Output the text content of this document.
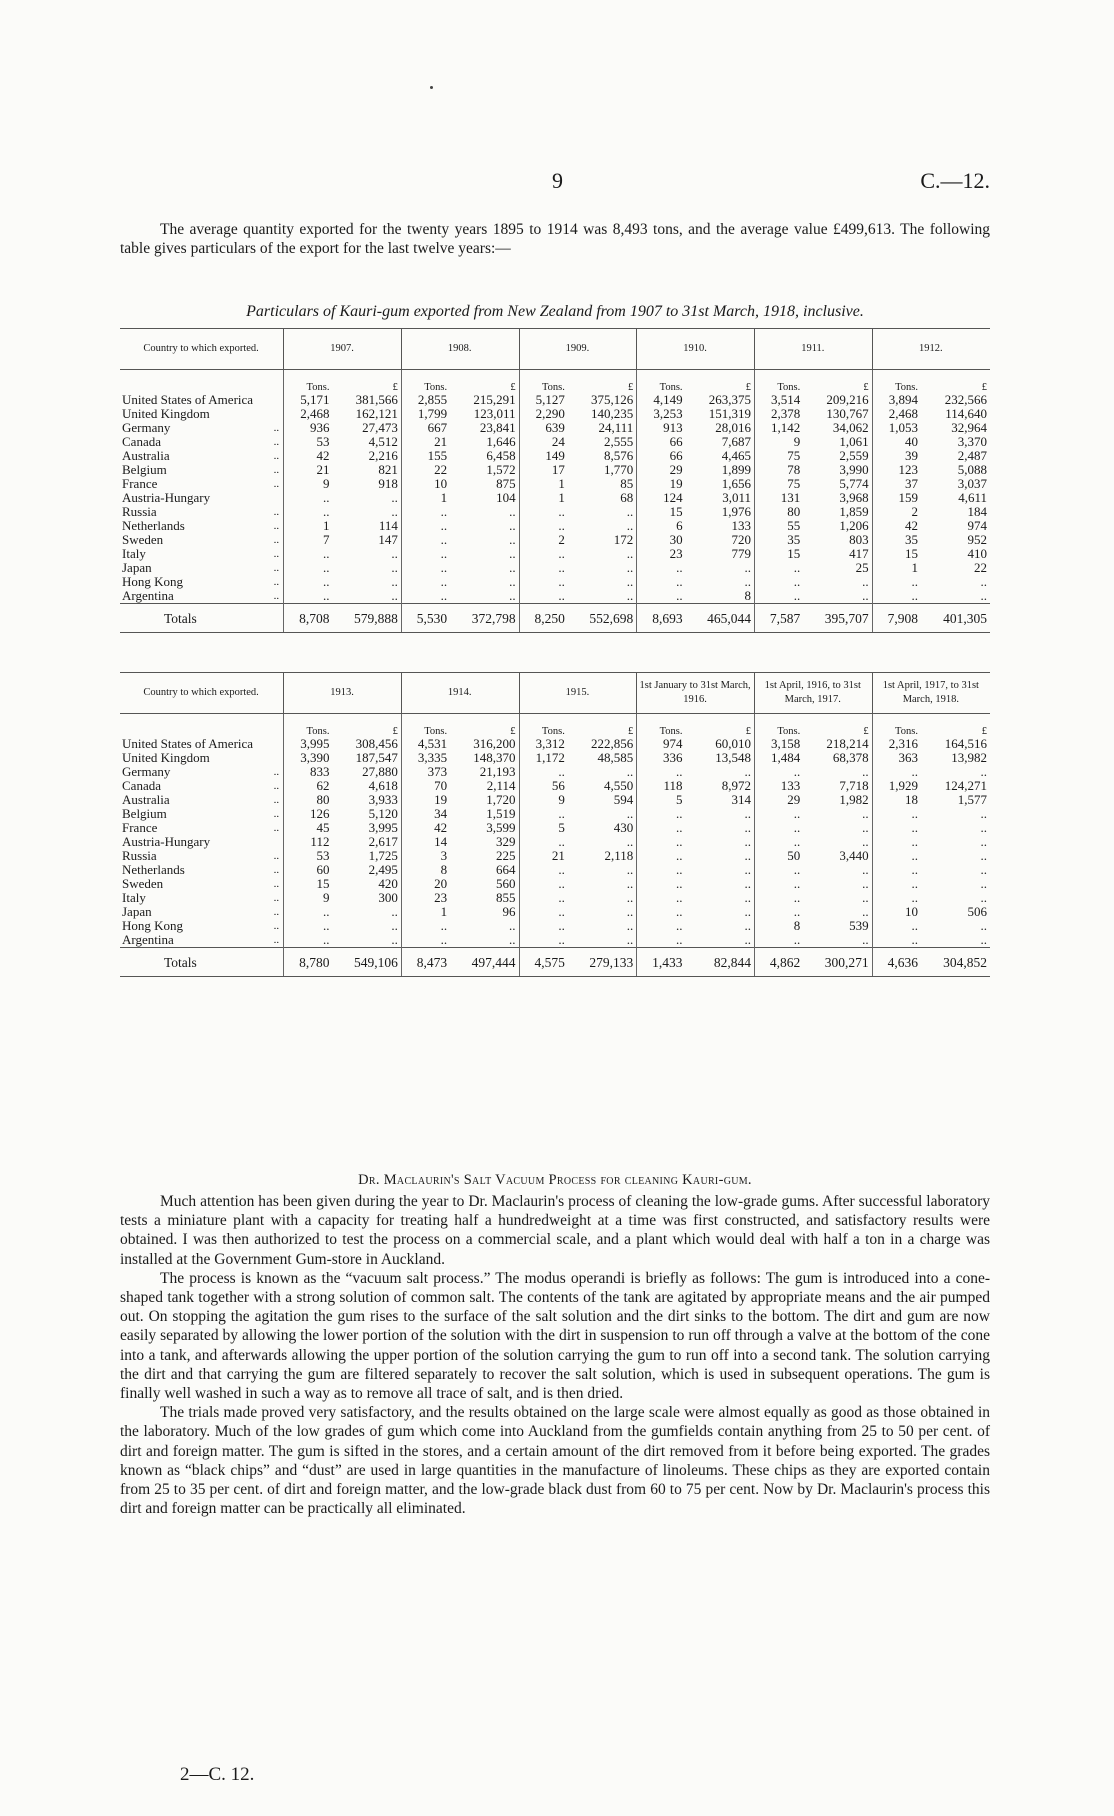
9	C.—12.
The average quantity exported for the twenty years 1895 to 1914 was 8,493 tons, and the average value £499,613. The following table gives particulars of the export for the last twelve years:—
Particulars of Kauri-gum exported from New Zealand from 1907 to 31st March, 1918, inclusive.
Country to which exported.		1907.		1908.		1909.		1910.		1911.		1912.	
		Tons.	£	Tons.	£	Tons.	£	Tons.	£	Tons.	£	Tons.	£
United States of America		5,171	381,566	2,855	215,291	5,127	375,126	4,149	263,375	3,514	209,216	3,894	232,566
United Kingdom		2,468	162,121	1,799	123,011	2,290	140,235	3,253	151,319	2,378	130,767	2,468	114,640
Germany	..	936	27,473	667	23,841	639	24,111	913	28,016	1,142	34,062	1,053	32,964
Canada	..	53	4,512	21	1,646	24	2,555	66	7,687	9	1,061	40	3,370
Australia	..	42	2,216	155	6,458	149	8,576	66	4,465	75	2,559	39	2,487
Belgium	..	21	821	22	1,572	17	1,770	29	1,899	78	3,990	123	5,088
France	..	9	918	10	875	1	85	19	1,656	75	5,774	37	3,037
Austria-Hungary		..	..	1	104	1	68	124	3,011	131	3,968	159	4,611
Russia	..	..	..	..	..	..	..	15	1,976	80	1,859	2	184
Netherlands	..	1	114	..	..	..	..	6	133	55	1,206	42	974
Sweden	..	7	147	..	..	2	172	30	720	35	803	35	952
Italy	..	..	..	..	..	..	..	23	779	15	417	15	410
Japan	..	..	..	..	..	..	..	..	..	..	25	1	22
Hong Kong	..	..	..	..	..	..	..	..	..	..	..	..	..
Argentina	..	..	..	..	..	..	..	..	8	..	..	..	..
Totals		8,708	579,888	5,530	372,798	8,250	552,698	8,693	465,044	7,587	395,707	7,908	401,305
Country to which exported.		1913.		1914.		1915.		1st January to 31st March, 1916.		1st April, 1916, to 31st March, 1917.		1st April, 1917, to 31st March, 1918.	
		Tons.	£	Tons.	£	Tons.	£	Tons.	£	Tons.	£	Tons.	£
United States of America		3,995	308,456	4,531	316,200	3,312	222,856	974	60,010	3,158	218,214	2,316	164,516
United Kingdom		3,390	187,547	3,335	148,370	1,172	48,585	336	13,548	1,484	68,378	363	13,982
Germany	..	833	27,880	373	21,193	..	..	..	..	..	..	..	..
Canada	..	62	4,618	70	2,114	56	4,550	118	8,972	133	7,718	1,929	124,271
Australia	..	80	3,933	19	1,720	9	594	5	314	29	1,982	18	1,577
Belgium	..	126	5,120	34	1,519	..	..	..	..	..	..	..	..
France	..	45	3,995	42	3,599	5	430	..	..	..	..	..	..
Austria-Hungary		112	2,617	14	329	..	..	..	..	..	..	..	..
Russia	..	53	1,725	3	225	21	2,118	..	..	50	3,440	..	..
Netherlands	..	60	2,495	8	664	..	..	..	..	..	..	..	..
Sweden	..	15	420	20	560	..	..	..	..	..	..	..	..
Italy	..	9	300	23	855	..	..	..	..	..	..	..	..
Japan	..	..	..	1	96	..	..	..	..	..	..	10	506
Hong Kong	..	..	..	..	..	..	..	..	..	8	539	..	..
Argentina	..	..	..	..	..	..	..	..	..	..	..	..	..
Totals		8,780	549,106	8,473	497,444	4,575	279,133	1,433	82,844	4,862	300,271	4,636	304,852
Dr. Maclaurin's Salt Vacuum Process for cleaning Kauri-gum.

Much attention has been given during the year to Dr. Maclaurin's process of cleaning the low-grade gums. After successful laboratory tests a miniature plant with a capacity for treating half a hundredweight at a time was first constructed, and satisfactory results were obtained. I was then authorized to test the process on a commercial scale, and a plant which would deal with half a ton in a charge was installed at the Government Gum-store in Auckland.

The process is known as the “vacuum salt process.” The modus operandi is briefly as follows: The gum is introduced into a cone-shaped tank together with a strong solution of common salt. The contents of the tank are agitated by appropriate means and the air pumped out. On stopping the agitation the gum rises to the surface of the salt solution and the dirt sinks to the bottom. The dirt and gum are now easily separated by allowing the lower portion of the solution with the dirt in suspension to run off through a valve at the bottom of the cone into a tank, and afterwards allowing the upper portion of the solution carrying the gum to run off into a second tank. The solution carrying the dirt and that carrying the gum are filtered separately to recover the salt solution, which is used in subsequent operations. The gum is finally well washed in such a way as to remove all trace of salt, and is then dried.

The trials made proved very satisfactory, and the results obtained on the large scale were almost equally as good as those obtained in the laboratory. Much of the low grades of gum which come into Auckland from the gumfields contain anything from 25 to 50 per cent. of dirt and foreign matter. The gum is sifted in the stores, and a certain amount of the dirt removed from it before being exported. The grades known as “black chips” and “dust” are used in large quantities in the manufacture of linoleums. These chips as they are exported contain from 25 to 35 per cent. of dirt and foreign matter, and the low-grade black dust from 60 to 75 per cent. Now by Dr. Maclaurin's process this dirt and foreign matter can be practically all eliminated.

2—C. 12.
